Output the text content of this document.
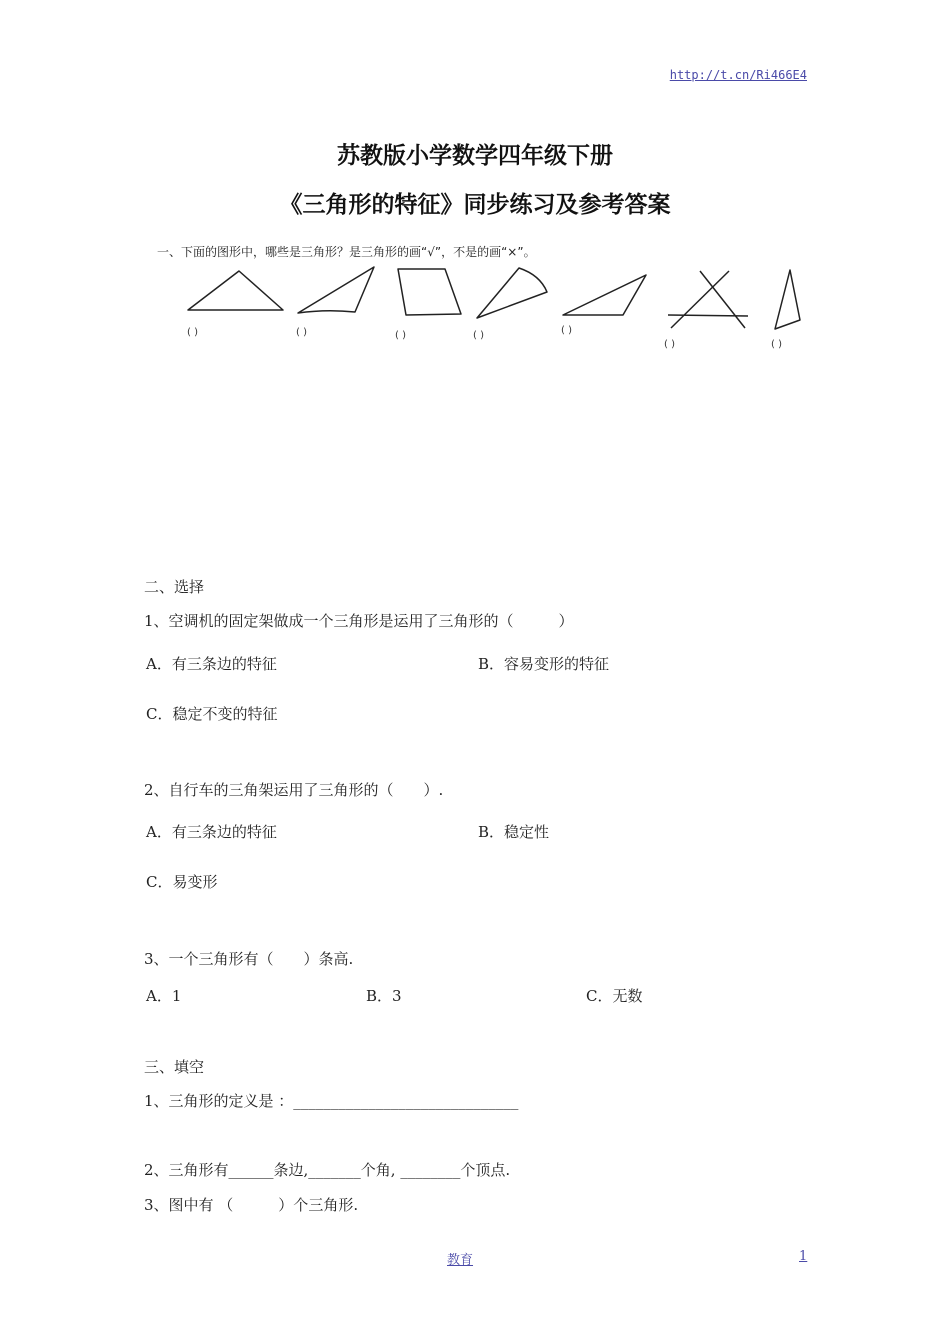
http://t.cn/Ri466E4
苏教版小学数学四年级下册
《三角形的特征》同步练习及参考答案
一、下面的图形中，哪些是三角形？是三角形的画“√”，不是的画“×”。
( )	( )	( )	( )	( )
( )	( )
二、选择
1、空调机的固定架做成一个三角形是运用了三角形的（　　　）
A．有三条边的特征	B．容易变形的特征
C．稳定不变的特征
2、自行车的三角架运用了三角形的（　　）.
A．有三条边的特征	B．稳定性
C．易变形
3、一个三角形有（　　）条高.
A．1	B．3	C．无数
三、填空
1、三角形的定义是 ：______________________________
2、三角形有______条边,_______个角, ________个顶点.
3、图中有 （　　　）个三角形.
教育	1
